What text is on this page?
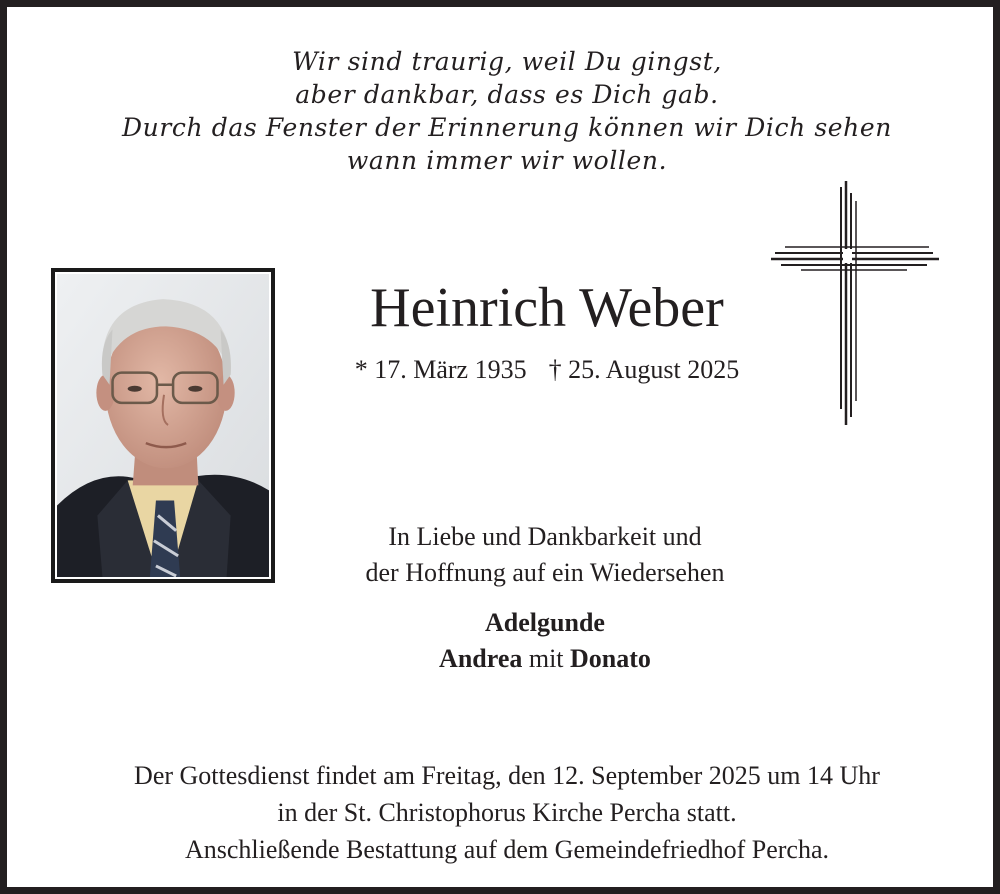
Wir sind traurig, weil Du gingst,
aber dankbar, dass es Dich gab.
Durch das Fenster der Erinnerung können wir Dich sehen
wann immer wir wollen.
Heinrich Weber
* 17. März 1935 † 25. August 2025
In Liebe und Dankbarkeit und
der Hoffnung auf ein Wiedersehen
Adelgunde
Andrea mit Donato
Der Gottesdienst findet am Freitag, den 12. September 2025 um 14 Uhr
in der St. Christophorus Kirche Percha statt.
Anschließende Bestattung auf dem Gemeindefriedhof Percha.
